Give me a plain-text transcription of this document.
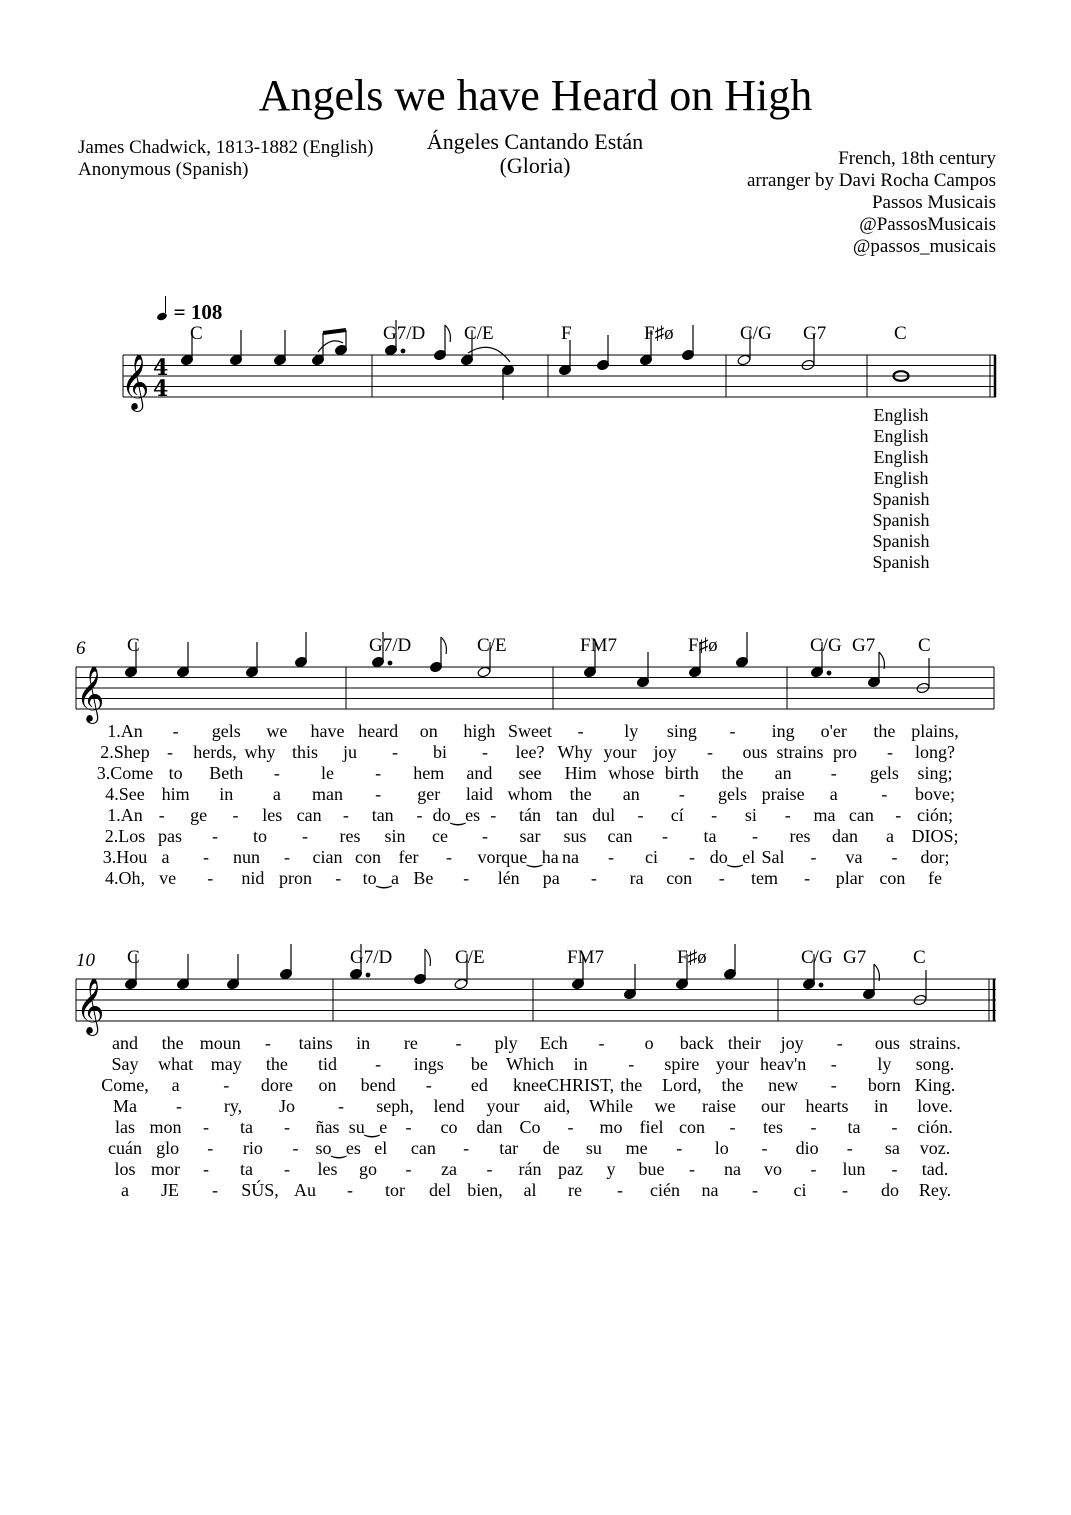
Angels we have Heard on High
Ángeles Cantando Están
(Gloria)
James Chadwick, 1813-1882 (English)
Anonymous (Spanish)
French, 18th century
arranger by Davi Rocha Campos
Passos Musicais
@PassosMusicais
@passos_musicais
= 108
C	G7/D C/E	F	F♯ø	C/G G7	C
English
English
English
English
Spanish
Spanish
Spanish
Spanish
6 C	G7/D	C/E	FM7	F♯ø	C/G G7 C
1.An - gels we have heard on high Sweet - ly sing - ing o'er the plains,
2.Shep - herds, why this ju - bi - lee? Why your joy - ous strains pro - long?
3.Come to Beth - le - hem and see Him whose birth the an - gels sing;
4.See him in a man - ger laid whom the an - gels praise a - bove;
1.An - ge - les can - tan - do‿es - tán tan dul - cí - si - ma can - ción;
2.Los pas - to - res sin ce - sar sus can - ta - res dan a DIOS;
3.Hou a - nun - cian con fer - vor que‿ha na - ci - do‿el Sal - va - dor;
4.Oh, ve - nid pron - to‿a Be - lén pa - ra con - tem - plar con fe
10 C	G7/D	C/E	FM7	F♯ø	C/G G7 C
and the moun - tains in re - ply Ech - o back their joy - ous strains.
Say what may the tid - ings be Which in - spire your heav'n - ly song.
Come, a - dore on bend - ed knee CHRIST, the Lord, the new - born King.
Ma - ry, Jo - seph, lend your aid, While we raise our hearts in love.
las mon - ta - ñas su‿e - co dan Co - mo fiel con - tes - ta - ción.
cuán glo - rio - so‿es el can - tar de su me - lo - dio - sa voz.
los mor - ta - les go - za - rán paz y bue - na vo - lun - tad.
a JE - SÚS, Au - tor del bien, al re - cién na - ci - do Rey.
𝄞
𝄞
𝄞
4
4
